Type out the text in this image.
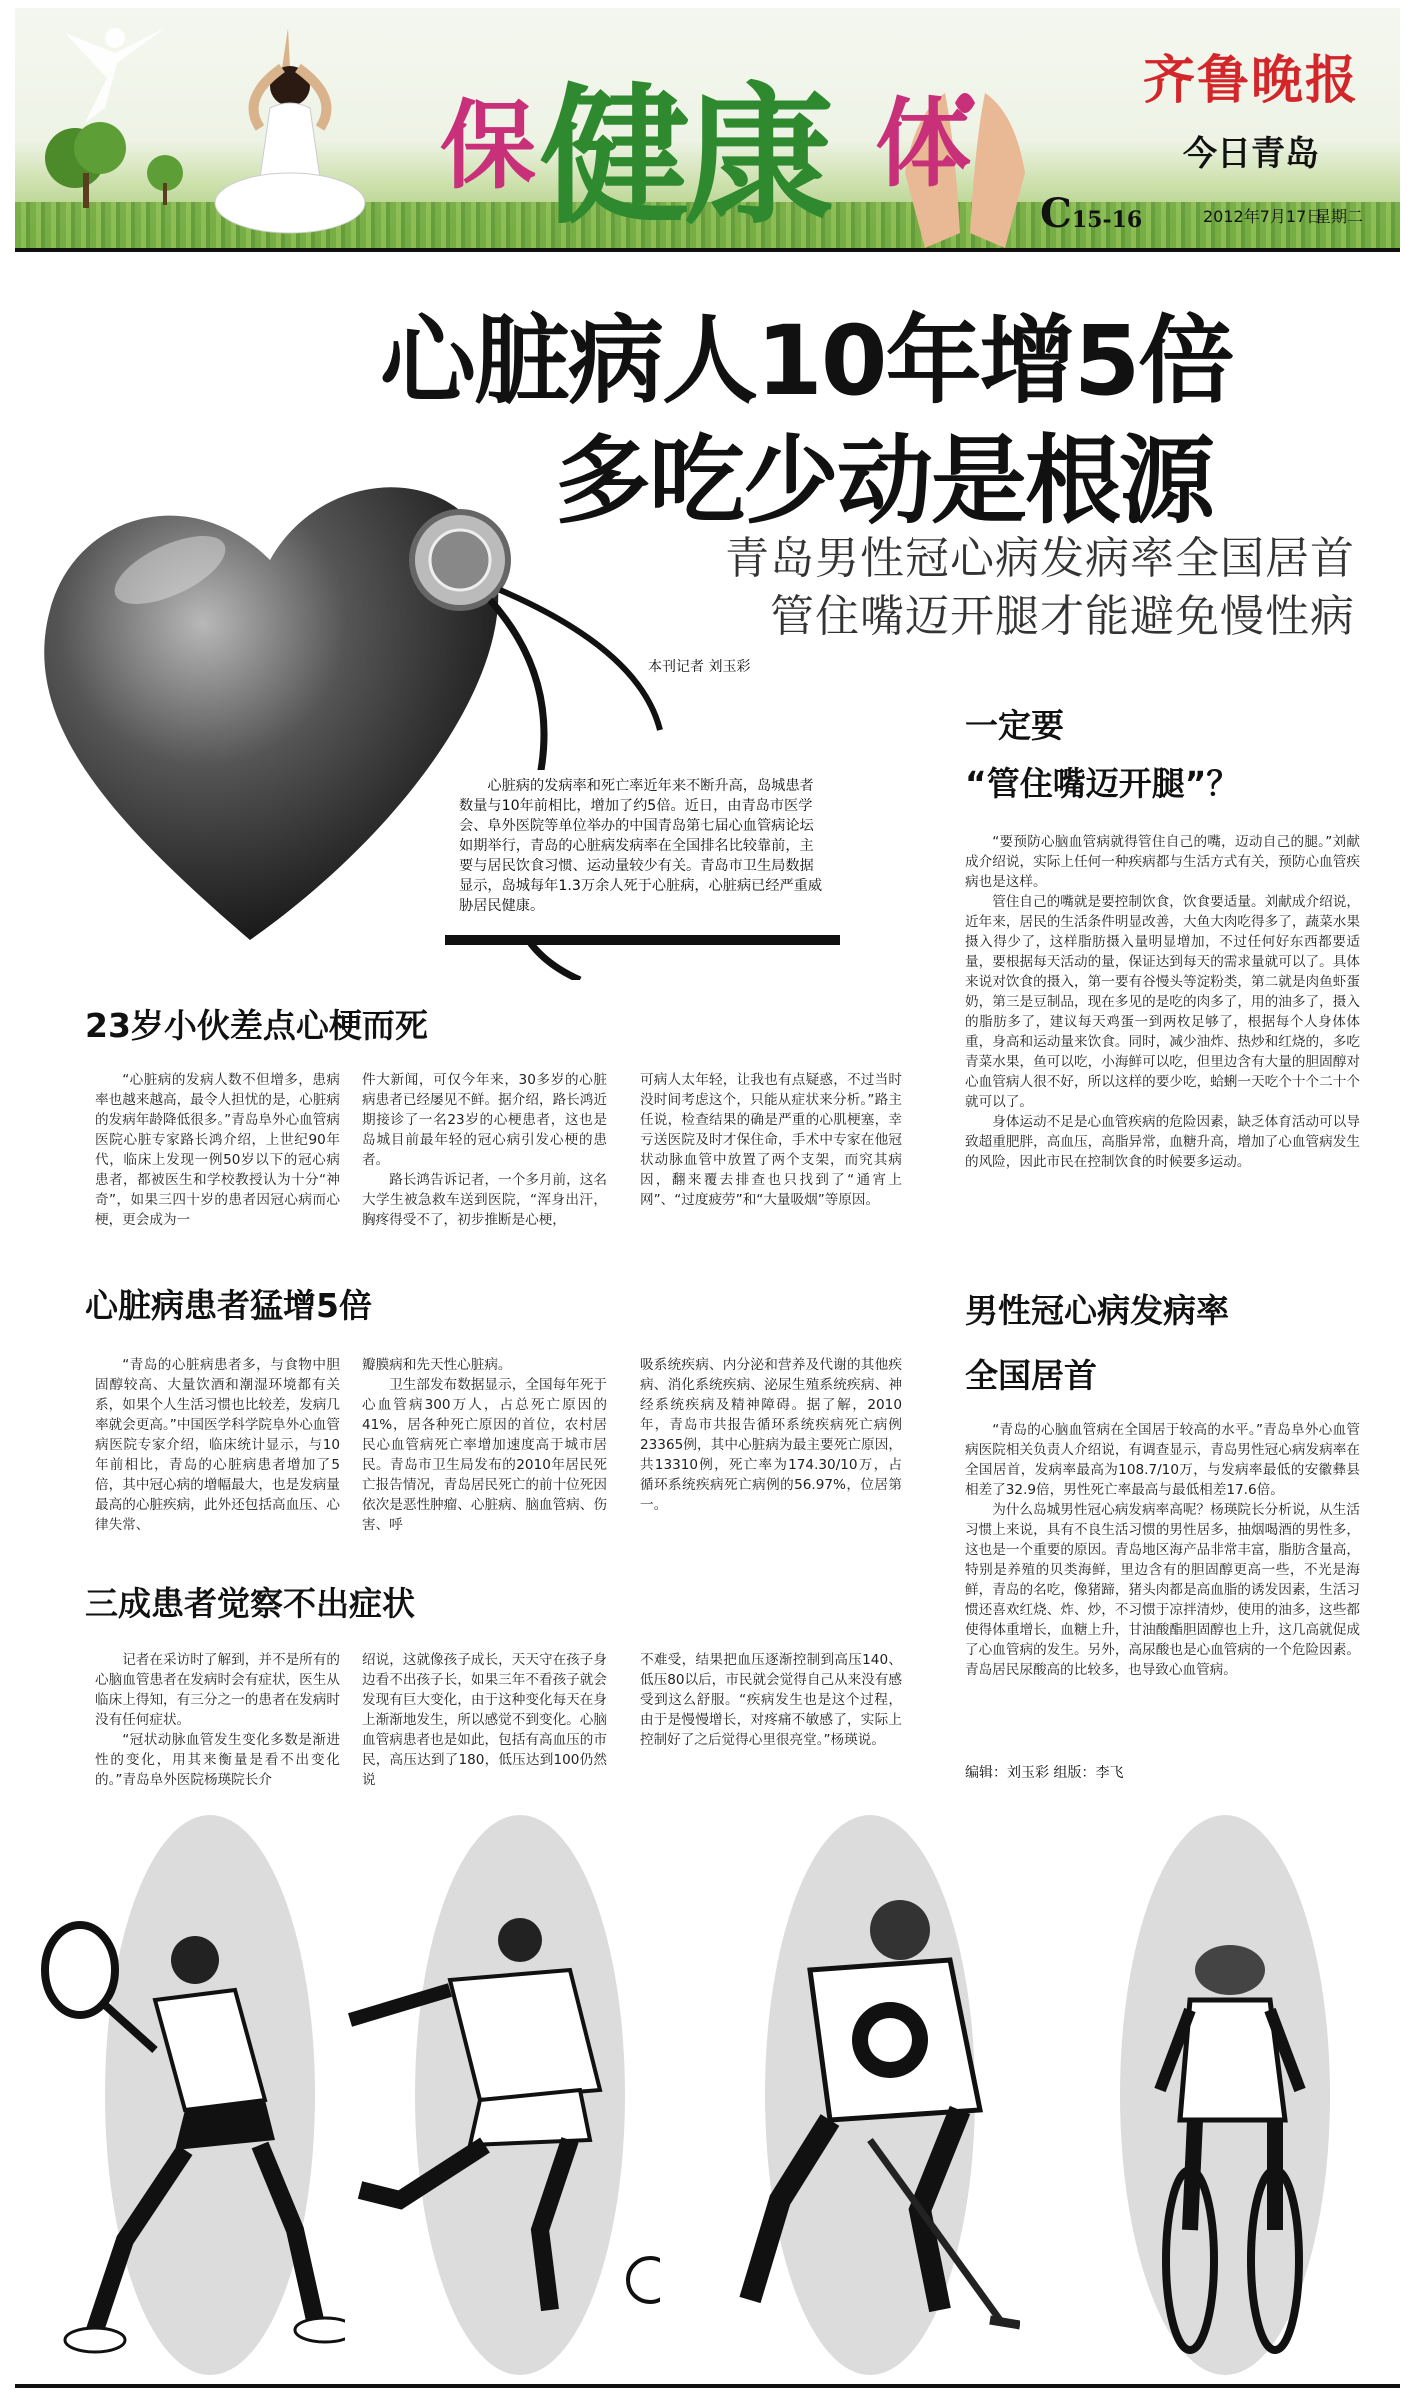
保 健康 体
齐鲁晚报
今日青岛
C15-16	2012年7月17日
星期二
心脏病人10年增5倍
多吃少动是根源
青岛男性冠心病发病率全国居首
管住嘴迈开腿才能避免慢性病
本刊记者 刘玉彩
心脏病的发病率和死亡率近年来不断升高，岛城患者数量与10年前相比，增加了约5倍。近日，由青岛市医学会、阜外医院等单位举办的中国青岛第七届心血管病论坛如期举行，青岛的心脏病发病率在全国排名比较靠前，主要与居民饮食习惯、运动量较少有关。青岛市卫生局数据显示，岛城每年1.3万余人死于心脏病，心脏病已经严重威胁居民健康。
23岁小伙差点心梗而死
“心脏病的发病人数不但增多，患病率也越来越高，最令人担忧的是，心脏病的发病年龄降低很多。”青岛阜外心血管病医院心脏专家路长鸿介绍，上世纪90年代，临床上发现一例50岁以下的冠心病患者，都被医生和学校教授认为十分“神奇”，如果三四十岁的患者因冠心病而心梗，更会成为一
件大新闻，可仅今年来，30多岁的心脏病患者已经屡见不鲜。据介绍，路长鸿近期接诊了一名23岁的心梗患者，这也是岛城目前最年轻的冠心病引发心梗的患者。
路长鸿告诉记者，一个多月前，这名大学生被急救车送到医院，“浑身出汗，胸疼得受不了，初步推断是心梗，
可病人太年轻，让我也有点疑惑，不过当时没时间考虑这个，只能从症状来分析。”路主任说，检查结果的确是严重的心肌梗塞，幸亏送医院及时才保住命，手术中专家在他冠状动脉血管中放置了两个支架，而究其病因，翻来覆去排查也只找到了“通宵上网”、“过度疲劳”和“大量吸烟”等原因。
心脏病患者猛增5倍
“青岛的心脏病患者多，与食物中胆固醇较高、大量饮酒和潮湿环境都有关系，如果个人生活习惯也比较差，发病几率就会更高。”中国医学科学院阜外心血管病医院专家介绍，临床统计显示，与10年前相比，青岛的心脏病患者增加了5倍，其中冠心病的增幅最大，也是发病量最高的心脏疾病，此外还包括高血压、心律失常、
瓣膜病和先天性心脏病。
卫生部发布数据显示，全国每年死于心血管病300万人，占总死亡原因的41%，居各种死亡原因的首位，农村居民心血管病死亡率增加速度高于城市居民。青岛市卫生局发布的2010年居民死亡报告情况，青岛居民死亡的前十位死因依次是恶性肿瘤、心脏病、脑血管病、伤害、呼
吸系统疾病、内分泌和营养及代谢的其他疾病、消化系统疾病、泌尿生殖系统疾病、神经系统疾病及精神障碍。据了解，2010年，青岛市共报告循环系统疾病死亡病例23365例，其中心脏病为最主要死亡原因，共13310例，死亡率为174.30/10万，占循环系统疾病死亡病例的56.97%，位居第一。
三成患者觉察不出症状
记者在采访时了解到，并不是所有的心脑血管患者在发病时会有症状，医生从临床上得知，有三分之一的患者在发病时没有任何症状。
“冠状动脉血管发生变化多数是渐进性的变化，用其来衡量是看不出变化的。”青岛阜外医院杨瑛院长介
绍说，这就像孩子成长，天天守在孩子身边看不出孩子长，如果三年不看孩子就会发现有巨大变化，由于这种变化每天在身上渐渐地发生，所以感觉不到变化。心脑血管病患者也是如此，包括有高血压的市民，高压达到了180，低压达到100仍然说
不难受，结果把血压逐渐控制到高压140、低压80以后，市民就会觉得自己从来没有感受到这么舒服。“疾病发生也是这个过程，由于是慢慢增长，对疼痛不敏感了，实际上控制好了之后觉得心里很亮堂。”杨瑛说。
一定要
“管住嘴迈开腿”？
“要预防心脑血管病就得管住自己的嘴，迈动自己的腿。”刘献成介绍说，实际上任何一种疾病都与生活方式有关，预防心血管疾病也是这样。
管住自己的嘴就是要控制饮食，饮食要适量。刘献成介绍说，近年来，居民的生活条件明显改善，大鱼大肉吃得多了，蔬菜水果摄入得少了，这样脂肪摄入量明显增加，不过任何好东西都要适量，要根据每天活动的量，保证达到每天的需求量就可以了。具体来说对饮食的摄入，第一要有谷慢头等淀粉类，第二就是肉鱼虾蛋奶，第三是豆制品，现在多见的是吃的肉多了，用的油多了，摄入的脂肪多了，建议每天鸡蛋一到两枚足够了，根据每个人身体体重，身高和运动量来饮食。同时，减少油炸、热炒和红烧的，多吃青菜水果，鱼可以吃，小海鲜可以吃，但里边含有大量的胆固醇对心血管病人很不好，所以这样的要少吃，蛤蜊一天吃个十个二十个就可以了。
身体运动不足是心血管疾病的危险因素，缺乏体育活动可以导致超重肥胖，高血压，高脂异常，血糖升高，增加了心血管病发生的风险，因此市民在控制饮食的时候要多运动。
男性冠心病发病率
全国居首
“青岛的心脑血管病在全国居于较高的水平。”青岛阜外心血管病医院相关负责人介绍说，有调查显示，青岛男性冠心病发病率在全国居首，发病率最高为108.7/10万，与发病率最低的安徽彝县相差了32.9倍，男性死亡率最高与最低相差17.6倍。
为什么岛城男性冠心病发病率高呢？杨瑛院长分析说，从生活习惯上来说，具有不良生活习惯的男性居多，抽烟喝酒的男性多，这也是一个重要的原因。青岛地区海产品非常丰富，脂肪含量高，特别是养殖的贝类海鲜，里边含有的胆固醇更高一些，不光是海鲜，青岛的名吃，像猪蹄，猪头肉都是高血脂的诱发因素，生活习惯还喜欢红烧、炸、炒，不习惯于凉拌清炒，使用的油多，这些都使得体重增长，血糖上升，甘油酸酯胆固醇也上升，这几高就促成了心血管病的发生。另外，高尿酸也是心血管病的一个危险因素。青岛居民尿酸高的比较多，也导致心血管病。
编辑：刘玉彩 组版：李飞
